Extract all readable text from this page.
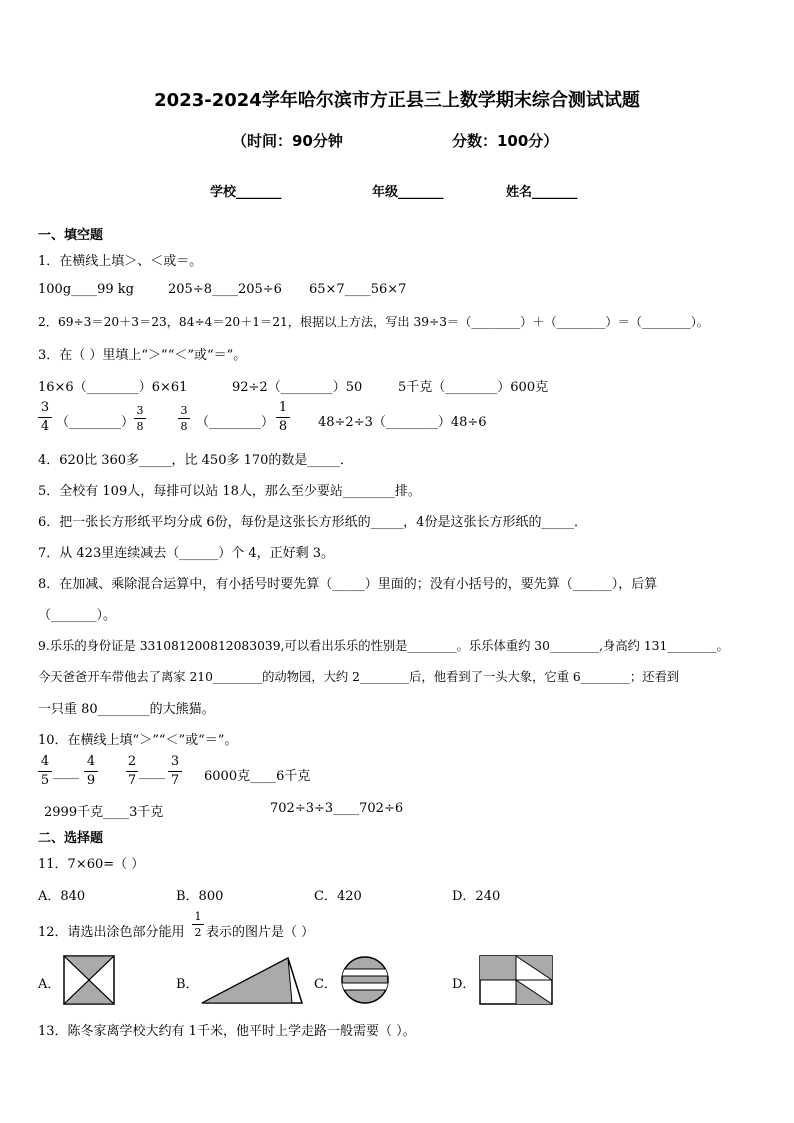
2023-2024学年哈尔滨市方正县三上数学期末综合测试试题
（时间：90分钟	分数：100分）
学校_______	年级_______	姓名_______
一、填空题
1．在横线上填＞、＜或＝。
100g____99 kg	205÷8____205÷6 65×7____56×7
2．69÷3＝20＋3＝23，84÷4＝20＋1＝21，根据以上方法，写出 39÷3＝（________）＋（________）＝（________）。
3．在（ ）里填上“＞”“＜”或“＝”。
16×6（________）6×61	92÷2（________）50	5千克（________）600克
3
4 （________）
3
8
3
8 （________）
1
8 48÷2÷3（________）48÷6
4．620比 360多_____，比 450多 170的数是_____．
5．全校有 109人，每排可以站 18人，那么至少要站________排。
6．把一张长方形纸平均分成 6份，每份是这张长方形纸的_____，4份是这张长方形纸的_____．
7．从 423里连续减去（______）个 4，正好剩 3。
8．在加减、乘除混合运算中，有小括号时要先算（_____）里面的；没有小括号的，要先算（______），后算
（_______）。
9.乐乐的身份证是 331081200812083039,可以看出乐乐的性别是________。乐乐体重约 30________,身高约 131________。
今天爸爸开车带他去了离家 210________的动物园，大约 2________后，他看到了一头大象，它重 6________；还看到
一只重 80________的大熊猫。
10．在横线上填“＞”“＜”或“＝”。
4
5
____
4
9
2
7
____
3
7 6000克____6千克
2999千克____3千克	702÷3÷3____702÷6
二、选择题
11．7×60=（ ）
A．840	B．800	C．420	D．240
12．请选出涂色部分能用
1
2 表示的图片是（ ）
A．	B．	C．	D．
13．陈冬家离学校大约有 1千米，他平时上学走路一般需要（ ）。
